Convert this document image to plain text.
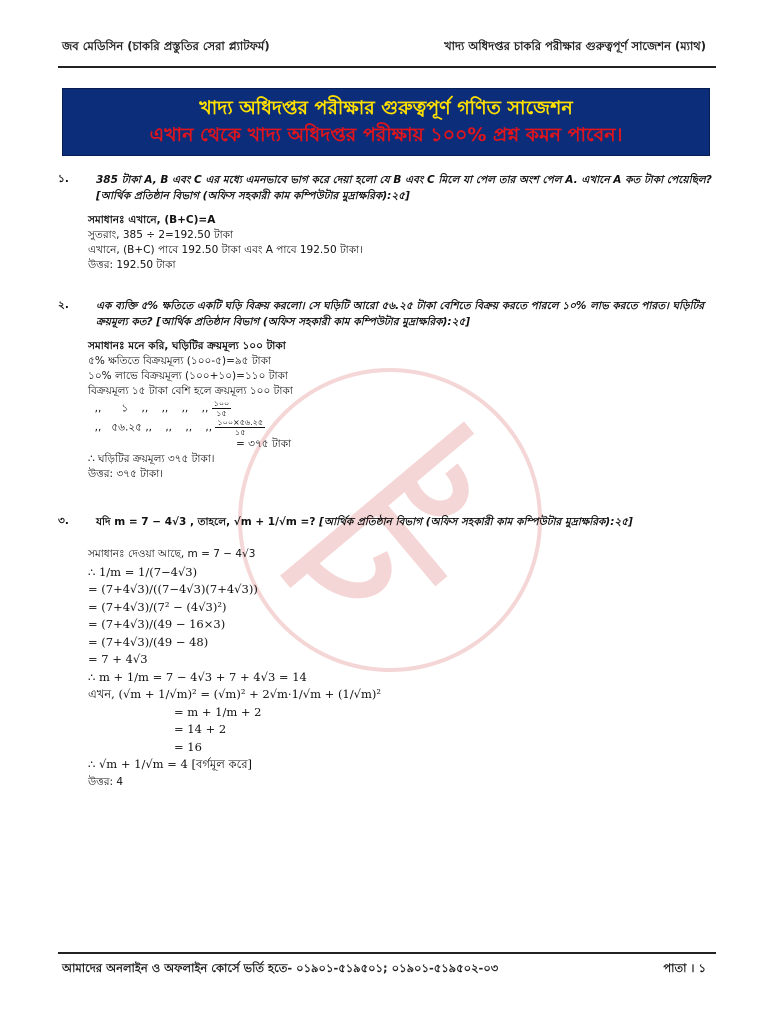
জব মেডিসিন (চাকরি প্রস্তুতির সেরা প্ল্যাটফর্ম)	খাদ্য অধিদপ্তর চাকরি পরীক্ষার গুরুত্বপূর্ণ সাজেশন (ম্যাথ)
খাদ্য অধিদপ্তর পরীক্ষার গুরুত্বপূর্ণ গণিত সাজেশন
এখান থেকে খাদ্য অধিদপ্তর পরীক্ষায় ১০০% প্রশ্ন কমন পাবেন।
১.	385 টাকা A, B এবং C এর মধ্যে এমনভাবে ভাগ করে দেয়া হলো যে B এবং C মিলে যা পেল তার অংশ পেল A. এখানে A কত টাকা পেয়েছিল? [আর্থিক প্রতিষ্ঠান বিভাগ (অফিস সহকারী কাম কম্পিউটার মুদ্রাক্ষরিক):২৫]
সমাধানঃ এখানে, (B+C)=A
সুতরাং, 385 ÷ 2=192.50 টাকা
এখানে, (B+C) পাবে 192.50 টাকা এবং A পাবে 192.50 টাকা।
উত্তর: 192.50 টাকা
২.	এক ব্যক্তি ৫% ক্ষতিতে একটি ঘড়ি বিক্রয় করলো। সে ঘড়িটি আরো ৫৬.২৫ টাকা বেশিতে বিক্রয় করতে পারলে ১০% লাভ করতে পারত। ঘড়িটির ক্রয়মূল্য কত? [আর্থিক প্রতিষ্ঠান বিভাগ (অফিস সহকারী কাম কম্পিউটার মুদ্রাক্ষরিক):২৫]
সমাধানঃ মনে করি, ঘড়িটির ক্রয়মূল্য ১০০ টাকা
৫% ক্ষতিতে বিক্রয়মূল্য (১০০-৫)=৯৫ টাকা
১০% লাভে বিক্রয়মূল্য (১০০+১০)=১১০ টাকা
বিক্রয়মূল্য ১৫ টাকা বেশি হলে ক্রয়মূল্য ১০০ টাকা
,,      ১    ,,    ,,    ,,    ,, $\frac{১০০}{১৫}$
,,   ৫৬.২৫ ,,    ,,    ,,    ,, $\frac{১০০\times ৫৬.২৫}{১৫}$
= ৩৭৫ টাকা
∴ ঘড়িটির ক্রয়মূল্য ৩৭৫ টাকা।
উত্তর: ৩৭৫ টাকা।
৩.	যদি m = 7 − 4√3 , তাহলে, √m + 1/√m =? [আর্থিক প্রতিষ্ঠান বিভাগ (অফিস সহকারী কাম কম্পিউটার মুদ্রাক্ষরিক):২৫]
সমাধানঃ দেওয়া আছে, m = 7 − 4√3
∴ 1/m = 1/(7−4√3)
= (7+4√3)/((7−4√3)(7+4√3))
= (7+4√3)/(7² − (4√3)²)
= (7+4√3)/(49 − 16×3)
= (7+4√3)/(49 − 48)
= 7 + 4√3
∴ m + 1/m = 7 − 4√3 + 7 + 4√3 = 14
এখন, (√m + 1/√m)² = (√m)² + 2√m·1/√m + (1/√m)²
= m + 1/m + 2
= 14 + 2
= 16
∴ √m + 1/√m = 4 [বর্গমূল করে]
উত্তর: 4
আমাদের অনলাইন ও অফলাইন কোর্সে ভর্তি হতে- ০১৯০১-৫১৯৫০১; ০১৯০১-৫১৯৫০২-০৩	পাতা । ১
